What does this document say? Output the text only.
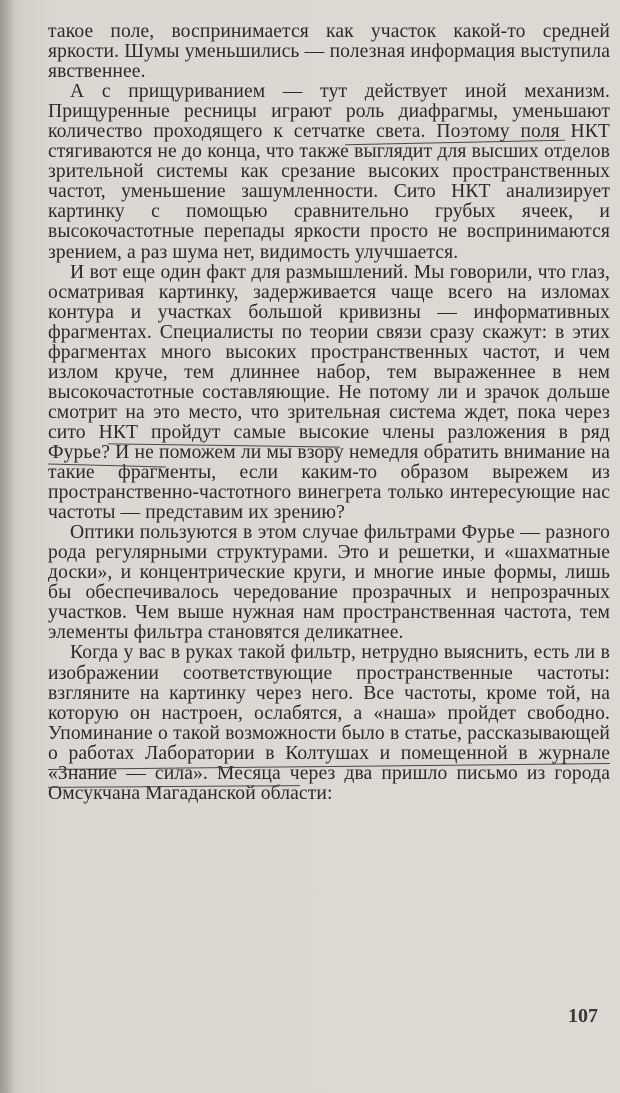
такое поле, воспринимается как участок какой-то средней яркости. Шумы уменьшились — полезная информация выступила явственнее.

А с прищуриванием — тут действует иной механизм. Прищуренные ресницы играют роль диафрагмы, уменьшают количество проходящего к сетчатке света. Поэтому поля НКТ стягиваются не до конца, что также выглядит для высших отделов зрительной системы как срезание высоких пространственных частот, уменьшение зашумленности. Сито НКТ анализирует картинку с помощью сравнительно грубых ячеек, и высокочастотные перепады яркости просто не воспринимаются зрением, а раз шума нет, видимость улучшается.

И вот еще один факт для размышлений. Мы говорили, что глаз, осматривая картинку, задерживается чаще всего на изломах контура и участках большой кривизны — информативных фрагментах. Специалисты по теории связи сразу скажут: в этих фрагментах много высоких пространственных частот, и чем излом круче, тем длиннее набор, тем выраженнее в нем высокочастотные составляющие. Не потому ли и зрачок дольше смотрит на это место, что зрительная система ждет, пока через сито НКТ пройдут самые высокие члены разложения в ряд Фурье? И не поможем ли мы взору немедля обратить внимание на такие фрагменты, если каким-то образом вырежем из пространственно-частотного винегрета только интересующие нас частоты — представим их зрению?

Оптики пользуются в этом случае фильтрами Фурье — разного рода регулярными структурами. Это и решетки, и «шахматные доски», и концентрические круги, и многие иные формы, лишь бы обеспечивалось чередование прозрачных и непрозрачных участков. Чем выше нужная нам пространственная частота, тем элементы фильтра становятся деликатнее.

Когда у вас в руках такой фильтр, нетрудно выяснить, есть ли в изображении соответствующие пространственные частоты: взгляните на картинку через него. Все частоты, кроме той, на которую он настроен, ослабятся, а «наша» пройдет свободно. Упоминание о такой возможности было в статье, рассказывающей о работах Лаборатории в Колтушах и помещенной в журнале «Знание — сила». Месяца через два пришло письмо из города Омсукчана Магаданской области:

107
